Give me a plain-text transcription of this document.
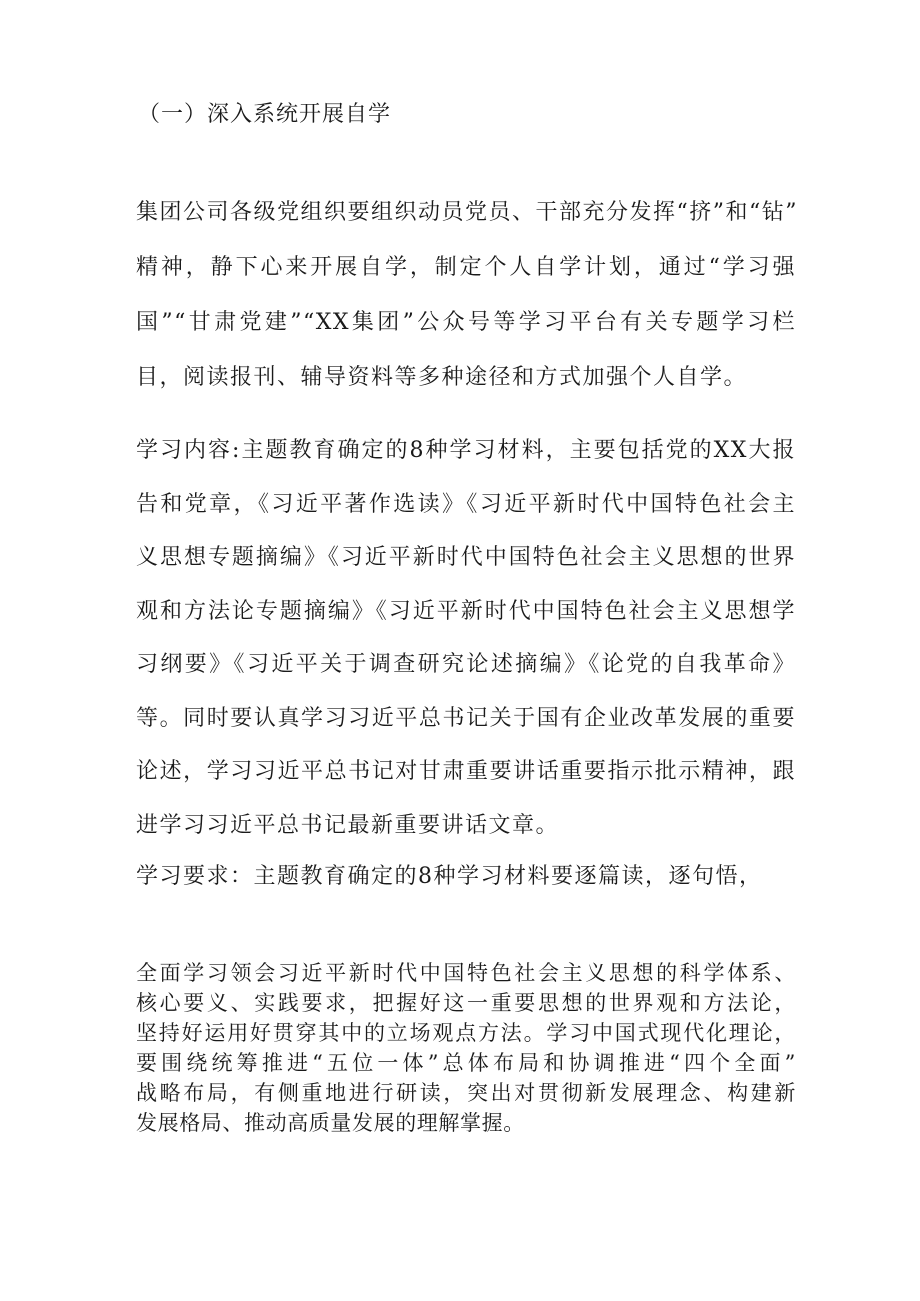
（一）深入系统开展自学

集团公司各级党组织要组织动员党员、干部充分发挥“挤”和“钻”
精神，静下心来开展自学，制定个人自学计划，通过“学习强
国”“甘肃党建”“XX集团”公众号等学习平台有关专题学习栏
目，阅读报刊、辅导资料等多种途径和方式加强个人自学。

学习内容:主题教育确定的8种学习材料，主要包括党的XX大报
告和党章，《习近平著作选读》《习近平新时代中国特色社会主
义思想专题摘编》《习近平新时代中国特色社会主义思想的世界
观和方法论专题摘编》《习近平新时代中国特色社会主义思想学
习纲要》《习近平关于调查研究论述摘编》《论党的自我革命》
等。同时要认真学习习近平总书记关于国有企业改革发展的重要
论述，学习习近平总书记对甘肃重要讲话重要指示批示精神，跟
进学习习近平总书记最新重要讲话文章。

学习要求：主题教育确定的8种学习材料要逐篇读，逐句悟，

全面学习领会习近平新时代中国特色社会主义思想的科学体系、
核心要义、实践要求，把握好这一重要思想的世界观和方法论，
坚持好运用好贯穿其中的立场观点方法。学习中国式现代化理论，
要围绕统筹推进“五位一体”总体布局和协调推进“四个全面”
战略布局，有侧重地进行研读，突出对贯彻新发展理念、构建新
发展格局、推动高质量发展的理解掌握。
